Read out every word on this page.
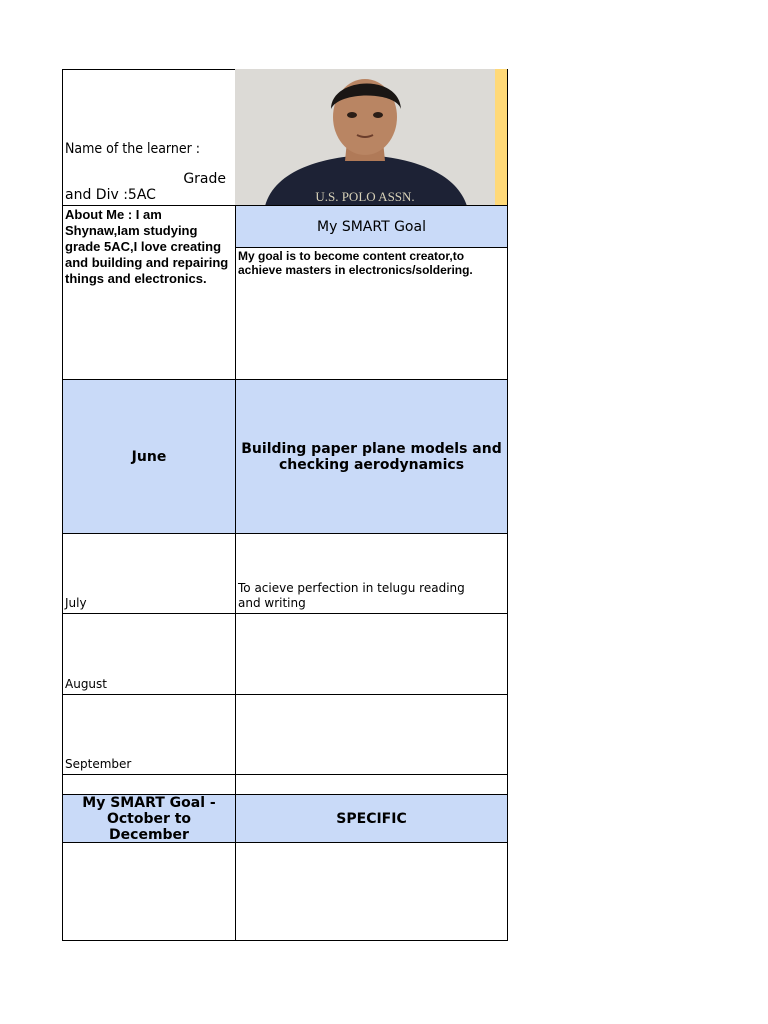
Name of the learner :
Grade
and Div :5AC	U.S. POLO ASSN.
About Me : I am Shynaw,Iam studying grade 5AC,I love creating and building and repairing things and electronics.
My SMART Goal
My goal is to become content creator,to achieve masters in electronics/soldering.
June	Building paper plane models and checking aerodynamics
July
To acieve perfection in telugu reading and writing
August
September
My SMART Goal - October to December
SPECIFIC
